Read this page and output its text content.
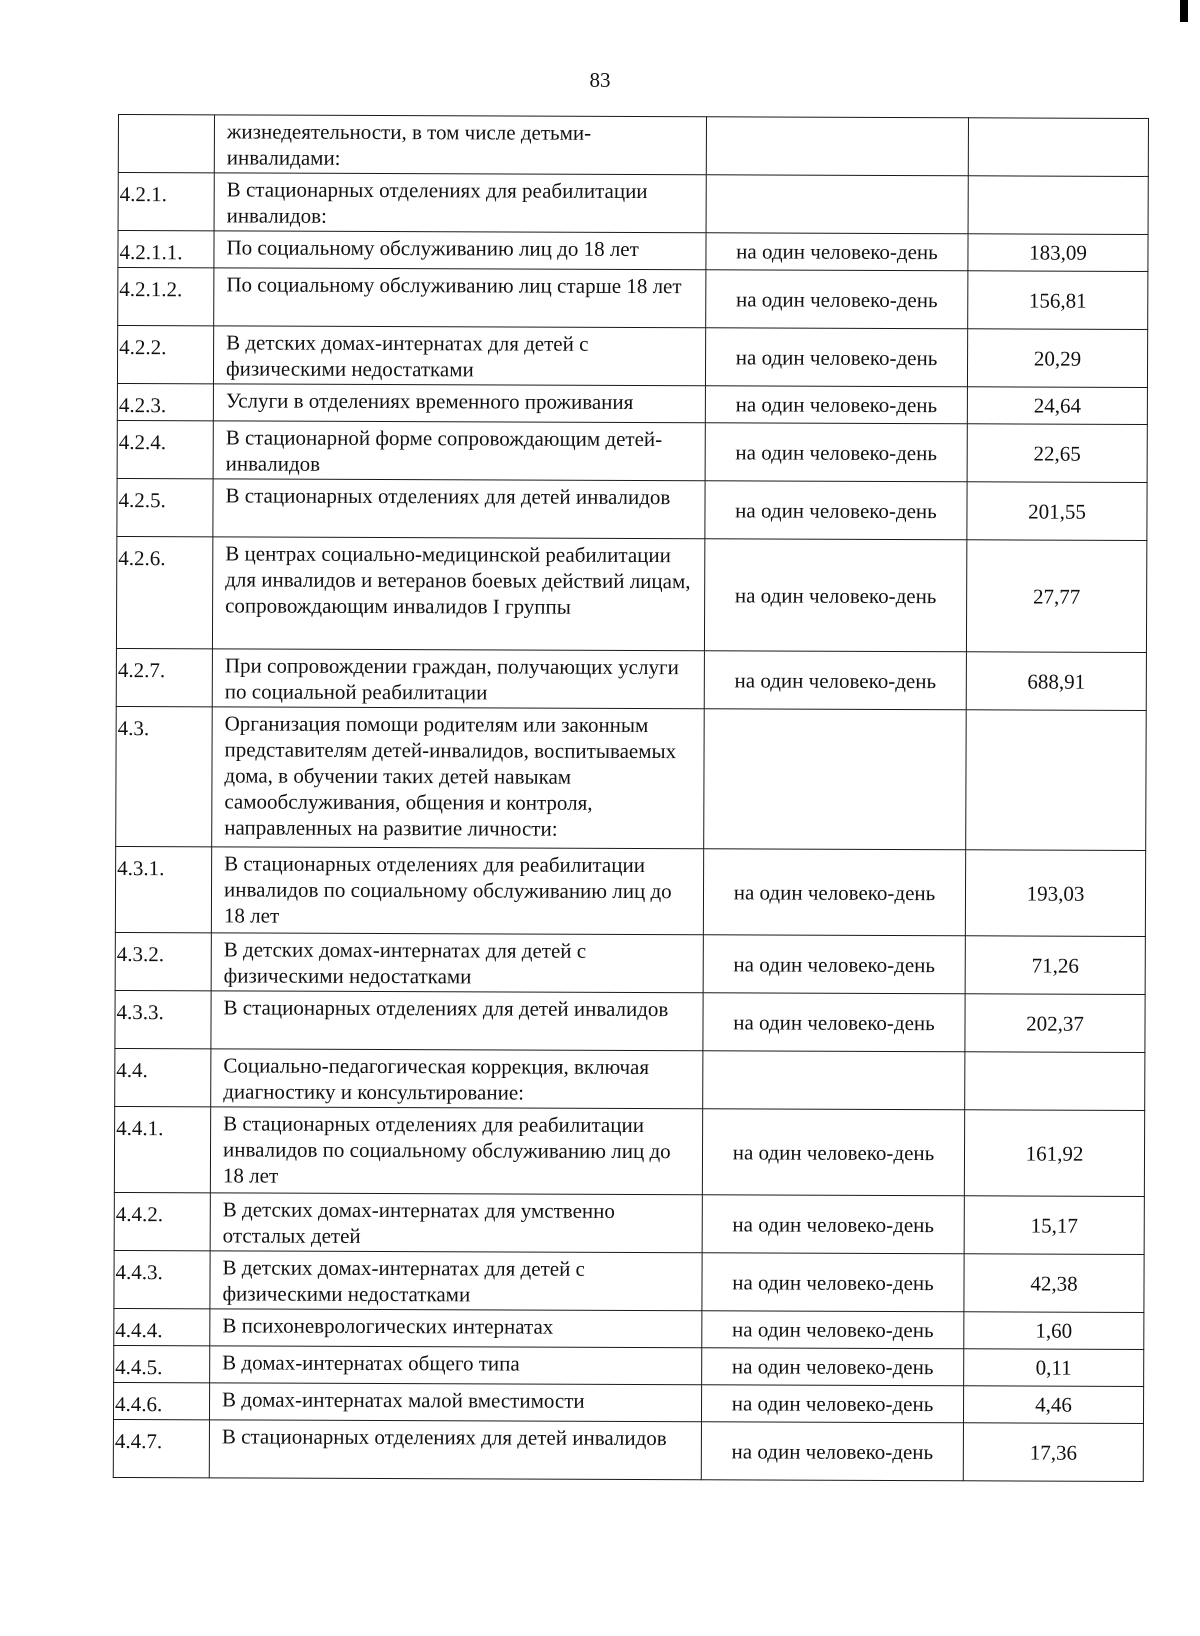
83
	жизнедеятельности, в том числе детьми-инвалидами:		
4.2.1.	В стационарных отделениях для реабилитации инвалидов:		
4.2.1.1.	По социальному обслуживанию лиц до 18 лет	на один человеко-день	183,09
4.2.1.2.	По социальному обслуживанию лиц старше 18 лет	на один человеко-день	156,81
4.2.2.	В детских домах-интернатах для детей с физическими недостатками	на один человеко-день	20,29
4.2.3.	Услуги в отделениях временного проживания	на один человеко-день	24,64
4.2.4.	В стационарной форме сопровождающим детей-инвалидов	на один человеко-день	22,65
4.2.5.	В стационарных отделениях для детей инвалидов	на один человеко-день	201,55
4.2.6.	В центрах социально-медицинской реабилитации для инвалидов и ветеранов боевых действий лицам, сопровождающим инвалидов I группы	на один человеко-день	27,77
4.2.7.	При сопровождении граждан, получающих услуги по социальной реабилитации	на один человеко-день	688,91
4.3.	Организация помощи родителям или законным представителям детей-инвалидов, воспитываемых дома, в обучении таких детей навыкам самообслуживания, общения и контроля, направленных на развитие личности:		
4.3.1.	В стационарных отделениях для реабилитации инвалидов по социальному обслуживанию лиц до 18 лет	на один человеко-день	193,03
4.3.2.	В детских домах-интернатах для детей с физическими недостатками	на один человеко-день	71,26
4.3.3.	В стационарных отделениях для детей инвалидов	на один человеко-день	202,37
4.4.	Социально-педагогическая коррекция, включая диагностику и консультирование:		
4.4.1.	В стационарных отделениях для реабилитации инвалидов по социальному обслуживанию лиц до 18 лет	на один человеко-день	161,92
4.4.2.	В детских домах-интернатах для умственно отсталых детей	на один человеко-день	15,17
4.4.3.	В детских домах-интернатах для детей с физическими недостатками	на один человеко-день	42,38
4.4.4.	В психоневрологических интернатах	на один человеко-день	1,60
4.4.5.	В домах-интернатах общего типа	на один человеко-день	0,11
4.4.6.	В домах-интернатах малой вместимости	на один человеко-день	4,46
4.4.7.	В стационарных отделениях для детей инвалидов	на один человеко-день	17,36
